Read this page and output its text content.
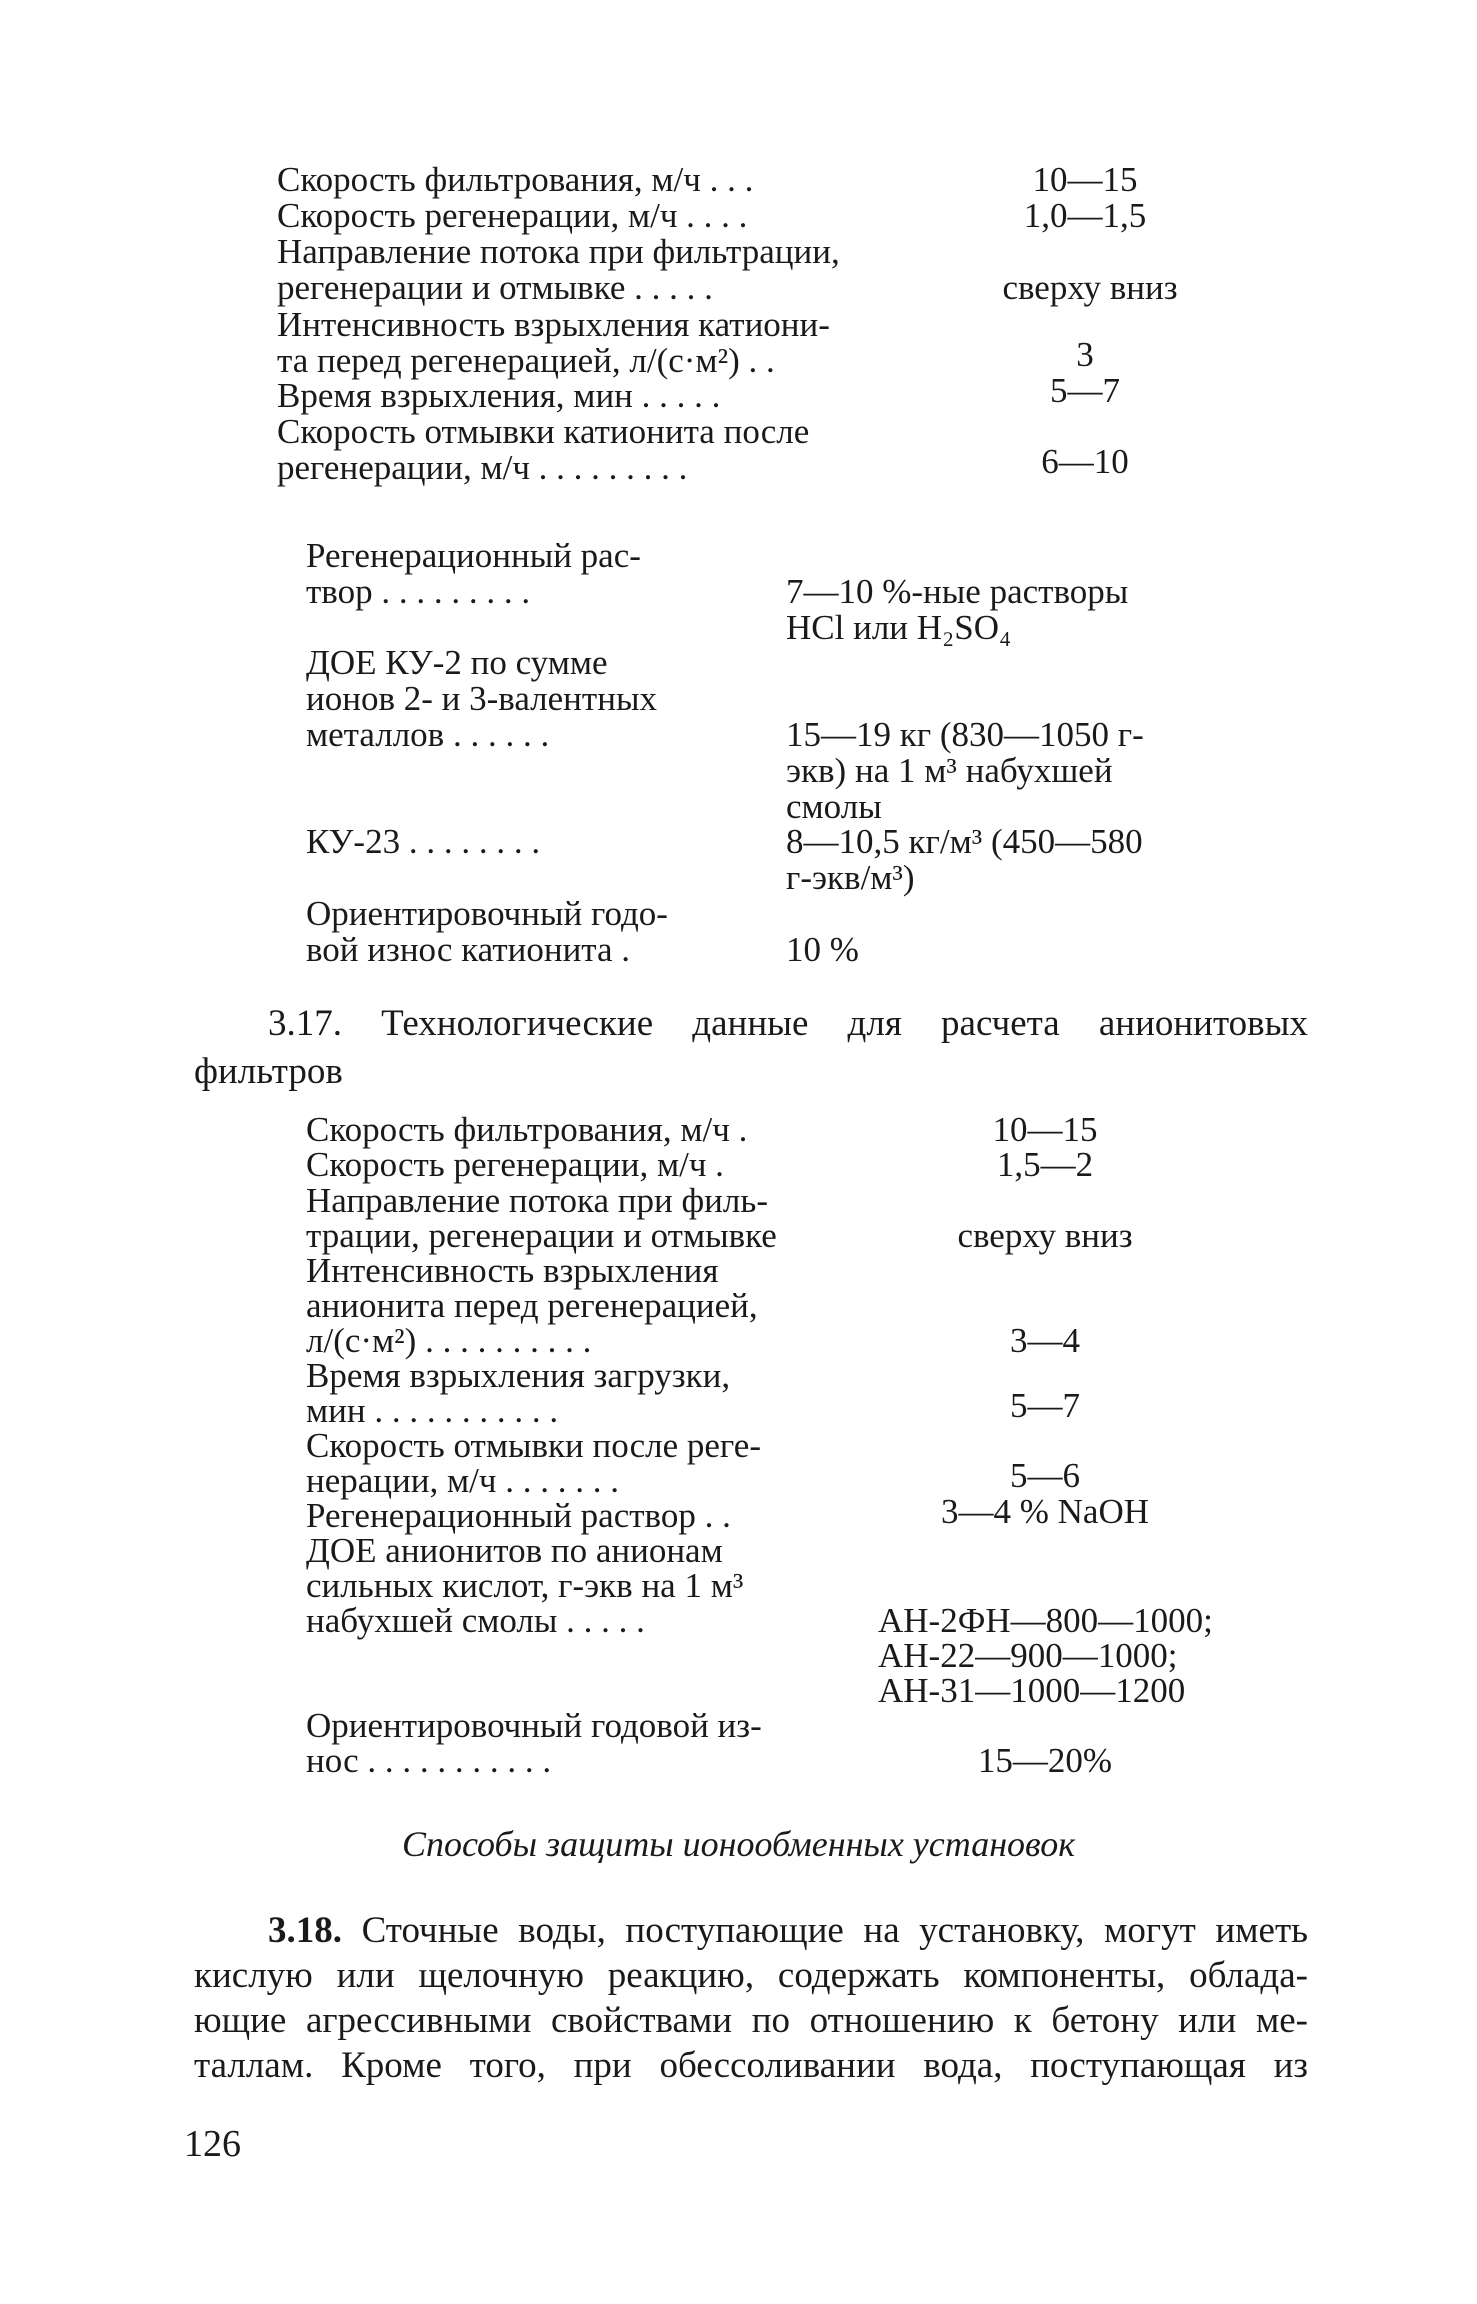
Скорость фильтрования, м/ч . . .	10—15
Скорость регенерации, м/ч . . . .	1,0—1,5
Направление потока при фильтрации,
регенерации и отмывке . . . . .	сверху вниз
Интенсивность взрыхления катиони-
та перед регенерацией, л/(с·м²) . .	3
Время взрыхления, мин . . . . .	5—7
Скорость отмывки катионита после
регенерации, м/ч . . . . . . . . .	6—10
Регенерационный рас-
твор . . . . . . . . .	7—10 %-ные растворы
HCl или H₂SO₄
ДОЕ КУ-2 по сумме
ионов 2- и 3-валентных
металлов . . . . . .	15—19 кг (830—1050 г-
экв) на 1 м³ набухшей
смолы
КУ-23 . . . . . . . .	8—10,5 кг/м³ (450—580
г-экв/м³)
Ориентировочный годо-
вой износ катионита .	10 %
3.17. Технологические данные для расчета анионитовых
фильтров
Скорость фильтрования, м/ч .	10—15
Скорость регенерации, м/ч .	1,5—2
Направление потока при филь-
трации, регенерации и отмывке	сверху вниз
Интенсивность взрыхления
анионита перед регенерацией,
л/(с·м²) . . . . . . . . . .	3—4
Время взрыхления загрузки,
мин . . . . . . . . . . .	5—7
Скорость отмывки после реге-
нерации, м/ч . . . . . . .	5—6
Регенерационный раствор . .	3—4 % NaOH
ДОЕ анионитов по анионам
сильных кислот, г-экв на 1 м³
набухшей смолы . . . . .	АН-2ФН—800—1000;
АН-22—900—1000;
АН-31—1000—1200
Ориентировочный годовой из-
нос . . . . . . . . . . .	15—20%
Способы защиты ионообменных установок
3.18. Сточные воды, поступающие на установку, могут иметь
кислую или щелочную реакцию, содержать компоненты, облада-
ющие агрессивными свойствами по отношению к бетону или ме-
таллам. Кроме того, при обессоливании вода, поступающая из
126
